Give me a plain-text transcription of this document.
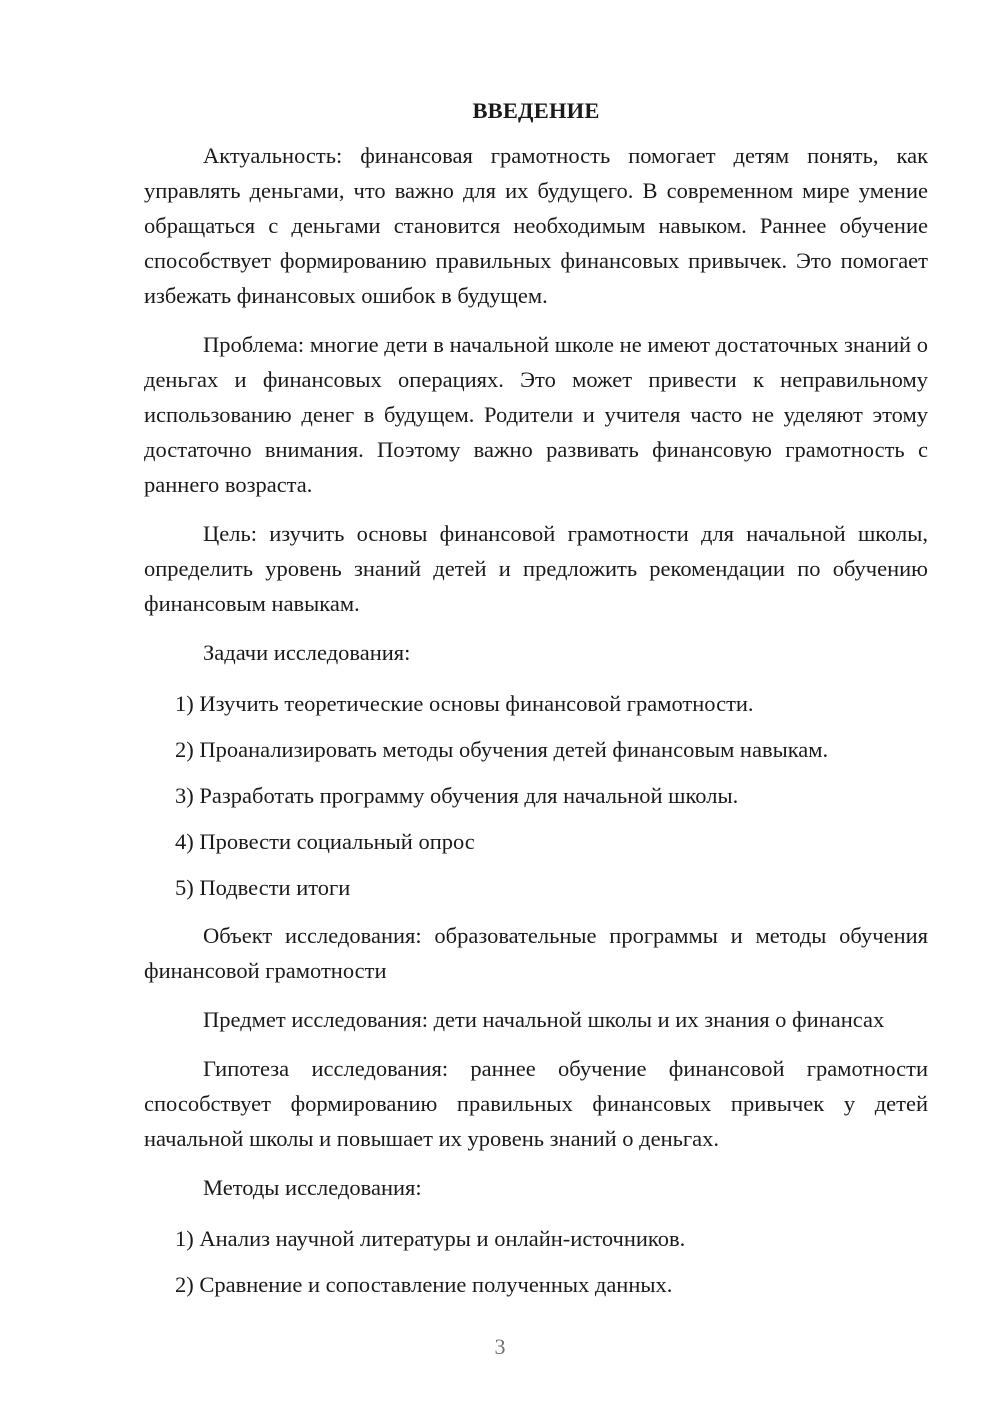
ВВЕДЕНИЕ

Актуальность: финансовая грамотность помогает детям понять, как управлять деньгами, что важно для их будущего. В современном мире умение обращаться с деньгами становится необходимым навыком. Раннее обучение способствует формированию правильных финансовых привычек. Это помогает избежать финансовых ошибок в будущем.

Проблема: многие дети в начальной школе не имеют достаточных знаний о деньгах и финансовых операциях. Это может привести к неправильному использованию денег в будущем. Родители и учителя часто не уделяют этому достаточно внимания. Поэтому важно развивать финансовую грамотность с раннего возраста.

Цель: изучить основы финансовой грамотности для начальной школы, определить уровень знаний детей и предложить рекомендации по обучению финансовым навыкам.

Задачи исследования:

1) Изучить теоретические основы финансовой грамотности.
2) Проанализировать методы обучения детей финансовым навыкам.
3) Разработать программу обучения для начальной школы.
4) Провести социальный опрос
5) Подвести итоги

Объект исследования: образовательные программы и методы обучения финансовой грамотности

Предмет исследования: дети начальной школы и их знания о финансах

Гипотеза исследования: раннее обучение финансовой грамотности способствует формированию правильных финансовых привычек у детей начальной школы и повышает их уровень знаний о деньгах.

Методы исследования:

1) Анализ научной литературы и онлайн-источников.
2) Сравнение и сопоставление полученных данных.
3
